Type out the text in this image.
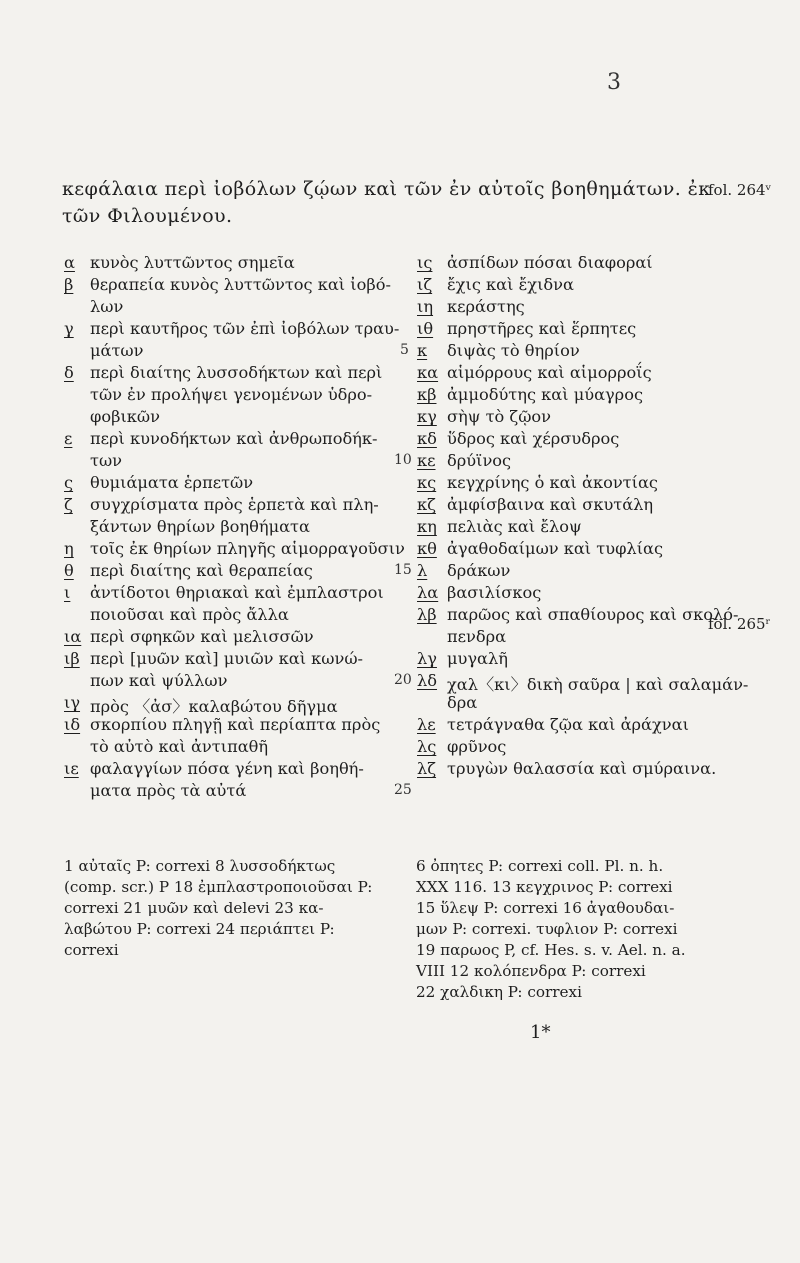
3
κεφάλαια περὶ ἰοβόλων ζῴων καὶ τῶν ἐν αὐτοῖς βοηθημάτων. ἐκ
τῶν Φιλουμένου.
fol. 264ᵛ
fol. 265ʳ
α κυνὸς λυττῶντος σημεῖα
β θεραπεία κυνὸς λυττῶντος καὶ ἰοβό-
λων
γ περὶ καυτῆρος τῶν ἐπὶ ἰοβόλων τραυ-
μάτων
δ περὶ διαίτης λυσσοδήκτων καὶ περὶ
τῶν ἐν προλήψει γενομένων ὑδρο-
φοβικῶν
ε περὶ κυνοδήκτων καὶ ἀνθρωποδήκ-
των
ς θυμιάματα ἑρπετῶν
ζ συγχρίσματα πρὸς ἑρπετὰ καὶ πλη-
ξάντων θηρίων βοηθήματα
η τοῖς ἐκ θηρίων πληγῆς αἱμορραγοῦσιν
θ περὶ διαίτης καὶ θεραπείας
ι ἀντίδοτοι θηριακαὶ καὶ ἐμπλαστροι
ποιοῦσαι καὶ πρὸς ἄλλα
ια περὶ σφηκῶν καὶ μελισσῶν
ιβ περὶ [μυῶν καὶ] μυιῶν καὶ κωνώ-
πων καὶ ψύλλων
ιγ πρὸς 〈ἀσ〉καλαβώτου δῆγμα
ιδ σκορπίου πληγῇ καὶ περίαπτα πρὸς
τὸ αὐτὸ καὶ ἀντιπαθῆ
ιε φαλαγγίων πόσα γένη καὶ βοηθή-
ματα πρὸς τὰ αὐτά
5
10
15
20
25
ις ἀσπίδων πόσαι διαφοραί
ιζ ἔχις καὶ ἔχιδνα
ιη κεράστης
ιθ πρηστῆρες καὶ ἕρπητες
κ διψὰς τὸ θηρίον
κα αἱμόρρους καὶ αἱμορροΐς
κβ ἀμμοδύτης καὶ μύαγρος
κγ σὴψ τὸ ζῷον
κδ ὕδρος καὶ χέρσυδρος
κε δρύϊνος
κς κεγχρίνης ὁ καὶ ἀκοντίας
κζ ἀμφίσβαινα καὶ σκυτάλη
κη πελιὰς καὶ ἔλοψ
κθ ἀγαθοδαίμων καὶ τυφλίας
λ δράκων
λα βασιλίσκος
λβ παρῶος καὶ σπαθίουρος καὶ σκολό-
πενδρα
λγ μυγαλῆ
λδ χαλ〈κι〉δικὴ σαῦρα | καὶ σαλαμάν-
δρα
λε τετράγναθα ζῷα καὶ ἀράχναι
λς φρῦνος
λζ τρυγὼν θαλασσία καὶ σμύραινα.
1 αὐταῖς P: correxi 8 λυσσοδήκτως
(comp. scr.) P 18 ἐμπλαστροποιοῦσαι P:
correxi 21 μυῶν καὶ delevi 23 κα-
λαβώτου P: correxi 24 περιάπτει P:
correxi
6 ὀπητες P: correxi coll. Pl. n. h.
XXX 116. 13 κεγχρινος P: correxi
15 ὕλεψ P: correxi 16 ἀγαθουδαι-
μων P: correxi. τυφλιον P: correxi
19 παρωος P, cf. Hes. s. v. Ael. n. a.
VIII 12 κολόπενδρα P: correxi
22 χαλδικη P: correxi
1*
